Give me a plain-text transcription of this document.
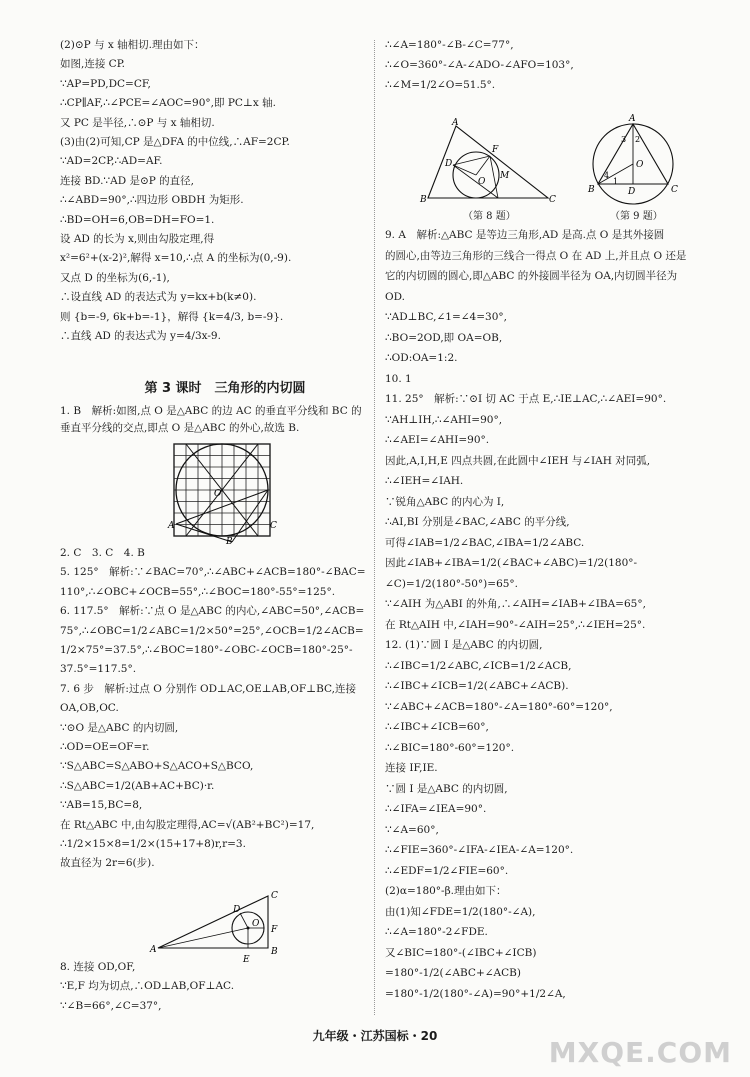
(2)⊙P 与 x 轴相切.理由如下：
如图,连接 CP.
∵AP=PD,DC=CF,
∴CP∥AF,∴∠PCE=∠AOC=90°,即 PC⊥x 轴.
又 PC 是半径,∴⊙P 与 x 轴相切.
(3)由(2)可知,CP 是△DFA 的中位线,∴AF=2CP.
∵AD=2CP,∴AD=AF.
连接 BD.∵AD 是⊙P 的直径,
∴∠ABD=90°,∴四边形 OBDH 为矩形.
∴BD=OH=6,OB=DH=FO=1.
设 AD 的长为 x,则由勾股定理,得
x²=6²+(x-2)²,解得 x=10,∴点 A 的坐标为(0,-9).
又点 D 的坐标为(6,-1),
∴设直线 AD 的表达式为 y=kx+b(k≠0).
则 {b=-9, 6k+b=-1}，解得 {k=4/3, b=-9}.
∴直线 AD 的表达式为 y=4/3x-9.
第 3 课时　三角形的内切圆
1. B　解析:如图,点 O 是△ABC 的边 AC 的垂直平分线和 BC 的
垂直平分线的交点,即点 O 是△ABC 的外心,故选 B.
A
B
C
O
2. C　3. C　4. B
5. 125°　解析:∵∠BAC=70°,∴∠ABC+∠ACB=180°-∠BAC=
110°,∴∠OBC+∠OCB=55°,∴∠BOC=180°-55°=125°.
6. 117.5°　解析:∵点 O 是△ABC 的内心,∠ABC=50°,∠ACB=
75°,∴∠OBC=1/2∠ABC=1/2×50°=25°,∠OCB=1/2∠ACB=
1/2×75°=37.5°,∴∠BOC=180°-∠OBC-∠OCB=180°-25°-
37.5°=117.5°.
7. 6 步　解析:过点 O 分别作 OD⊥AC,OE⊥AB,OF⊥BC,连接
OA,OB,OC.
∵⊙O 是△ABC 的内切圆,
∴OD=OE=OF=r.
∵S△ABC=S△ABO+S△ACO+S△BCO,
∴S△ABC=1/2(AB+AC+BC)·r.
∵AB=15,BC=8,
在 Rt△ABC 中,由勾股定理得,AC=√(AB²+BC²)=17,
∴1/2×15×8=1/2×(15+17+8)r,r=3.
故直径为 2r=6(步).
A
C
B
D
O
F
E
8. 连接 OD,OF,
∵E,F 均为切点,∴OD⊥AB,OF⊥AC.
∵∠B=66°,∠C=37°,
∴∠A=180°-∠B-∠C=77°,
∴∠O=360°-∠A-∠ADO-∠AFO=103°,
∴∠M=1/2∠O=51.5°.
A
B	C
D
F
O
M
（第 8 题）
A
B	C
D
O
3 2
4
1
（第 9 题）
9. A　解析:△ABC 是等边三角形,AD 是高.点 O 是其外接圆
的圆心,由等边三角形的三线合一得点 O 在 AD 上,并且点 O 还是
它的内切圆的圆心,即△ABC 的外接圆半径为 OA,内切圆半径为
OD.
∵AD⊥BC,∠1=∠4=30°,
∴BO=2OD,即 OA=OB,
∴OD:OA=1:2.
10. 1
11. 25°　解析:∵⊙I 切 AC 于点 E,∴IE⊥AC,∴∠AEI=90°.
∵AH⊥IH,∴∠AHI=90°,
∴∠AEI=∠AHI=90°.
因此,A,I,H,E 四点共圆,在此圆中∠IEH 与∠IAH 对同弧,
∴∠IEH=∠IAH.
∵锐角△ABC 的内心为 I,
∴AI,BI 分别是∠BAC,∠ABC 的平分线,
可得∠IAB=1/2∠BAC,∠IBA=1/2∠ABC.
因此∠IAB+∠IBA=1/2(∠BAC+∠ABC)=1/2(180°-
∠C)=1/2(180°-50°)=65°.
∵∠AIH 为△ABI 的外角,∴∠AIH=∠IAB+∠IBA=65°,
在 Rt△AIH 中,∠IAH=90°-∠AIH=25°,∴∠IEH=25°.
12. (1)∵圆 I 是△ABC 的内切圆,
∴∠IBC=1/2∠ABC,∠ICB=1/2∠ACB,
∴∠IBC+∠ICB=1/2(∠ABC+∠ACB).
∵∠ABC+∠ACB=180°-∠A=180°-60°=120°,
∴∠IBC+∠ICB=60°,
∴∠BIC=180°-60°=120°.
连接 IF,IE.
∵圆 I 是△ABC 的内切圆,
∴∠IFA=∠IEA=90°.
∵∠A=60°,
∴∠FIE=360°-∠IFA-∠IEA-∠A=120°.
∴∠EDF=1/2∠FIE=60°.
(2)α=180°-β.理由如下：
由(1)知∠FDE=1/2(180°-∠A),
∴∠A=180°-2∠FDE.
又∠BIC=180°-(∠IBC+∠ICB)
=180°-1/2(∠ABC+∠ACB)
=180°-1/2(180°-∠A)=90°+1/2∠A,
九年级・江苏国标・20	MXQE.COM
